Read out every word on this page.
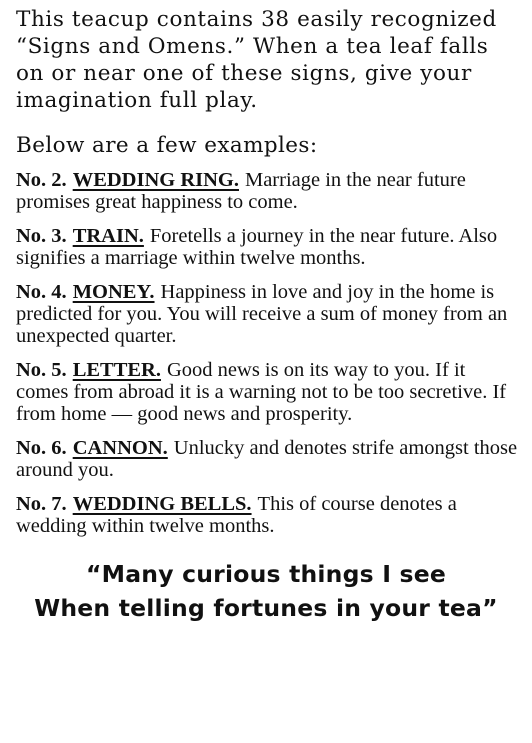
This teacup contains 38 easily recognized “Signs and Omens.” When a tea leaf falls on or near one of these signs, give your imagination full play.

Below are a few examples:

No. 2. WEDDING RING. Marriage in the near future promises great happiness to come.

No. 3. TRAIN. Foretells a journey in the near future. Also signifies a marriage within twelve months.

No. 4. MONEY. Happiness in love and joy in the home is predicted for you. You will receive a sum of money from an unexpected quarter.

No. 5. LETTER. Good news is on its way to you. If it comes from abroad it is a warning not to be too secretive. If from home — good news and prosperity.

No. 6. CANNON. Unlucky and denotes strife amongst those around you.

No. 7. WEDDING BELLS. This of course denotes a wedding within twelve months.

“Many curious things I see
When telling fortunes in your tea”
